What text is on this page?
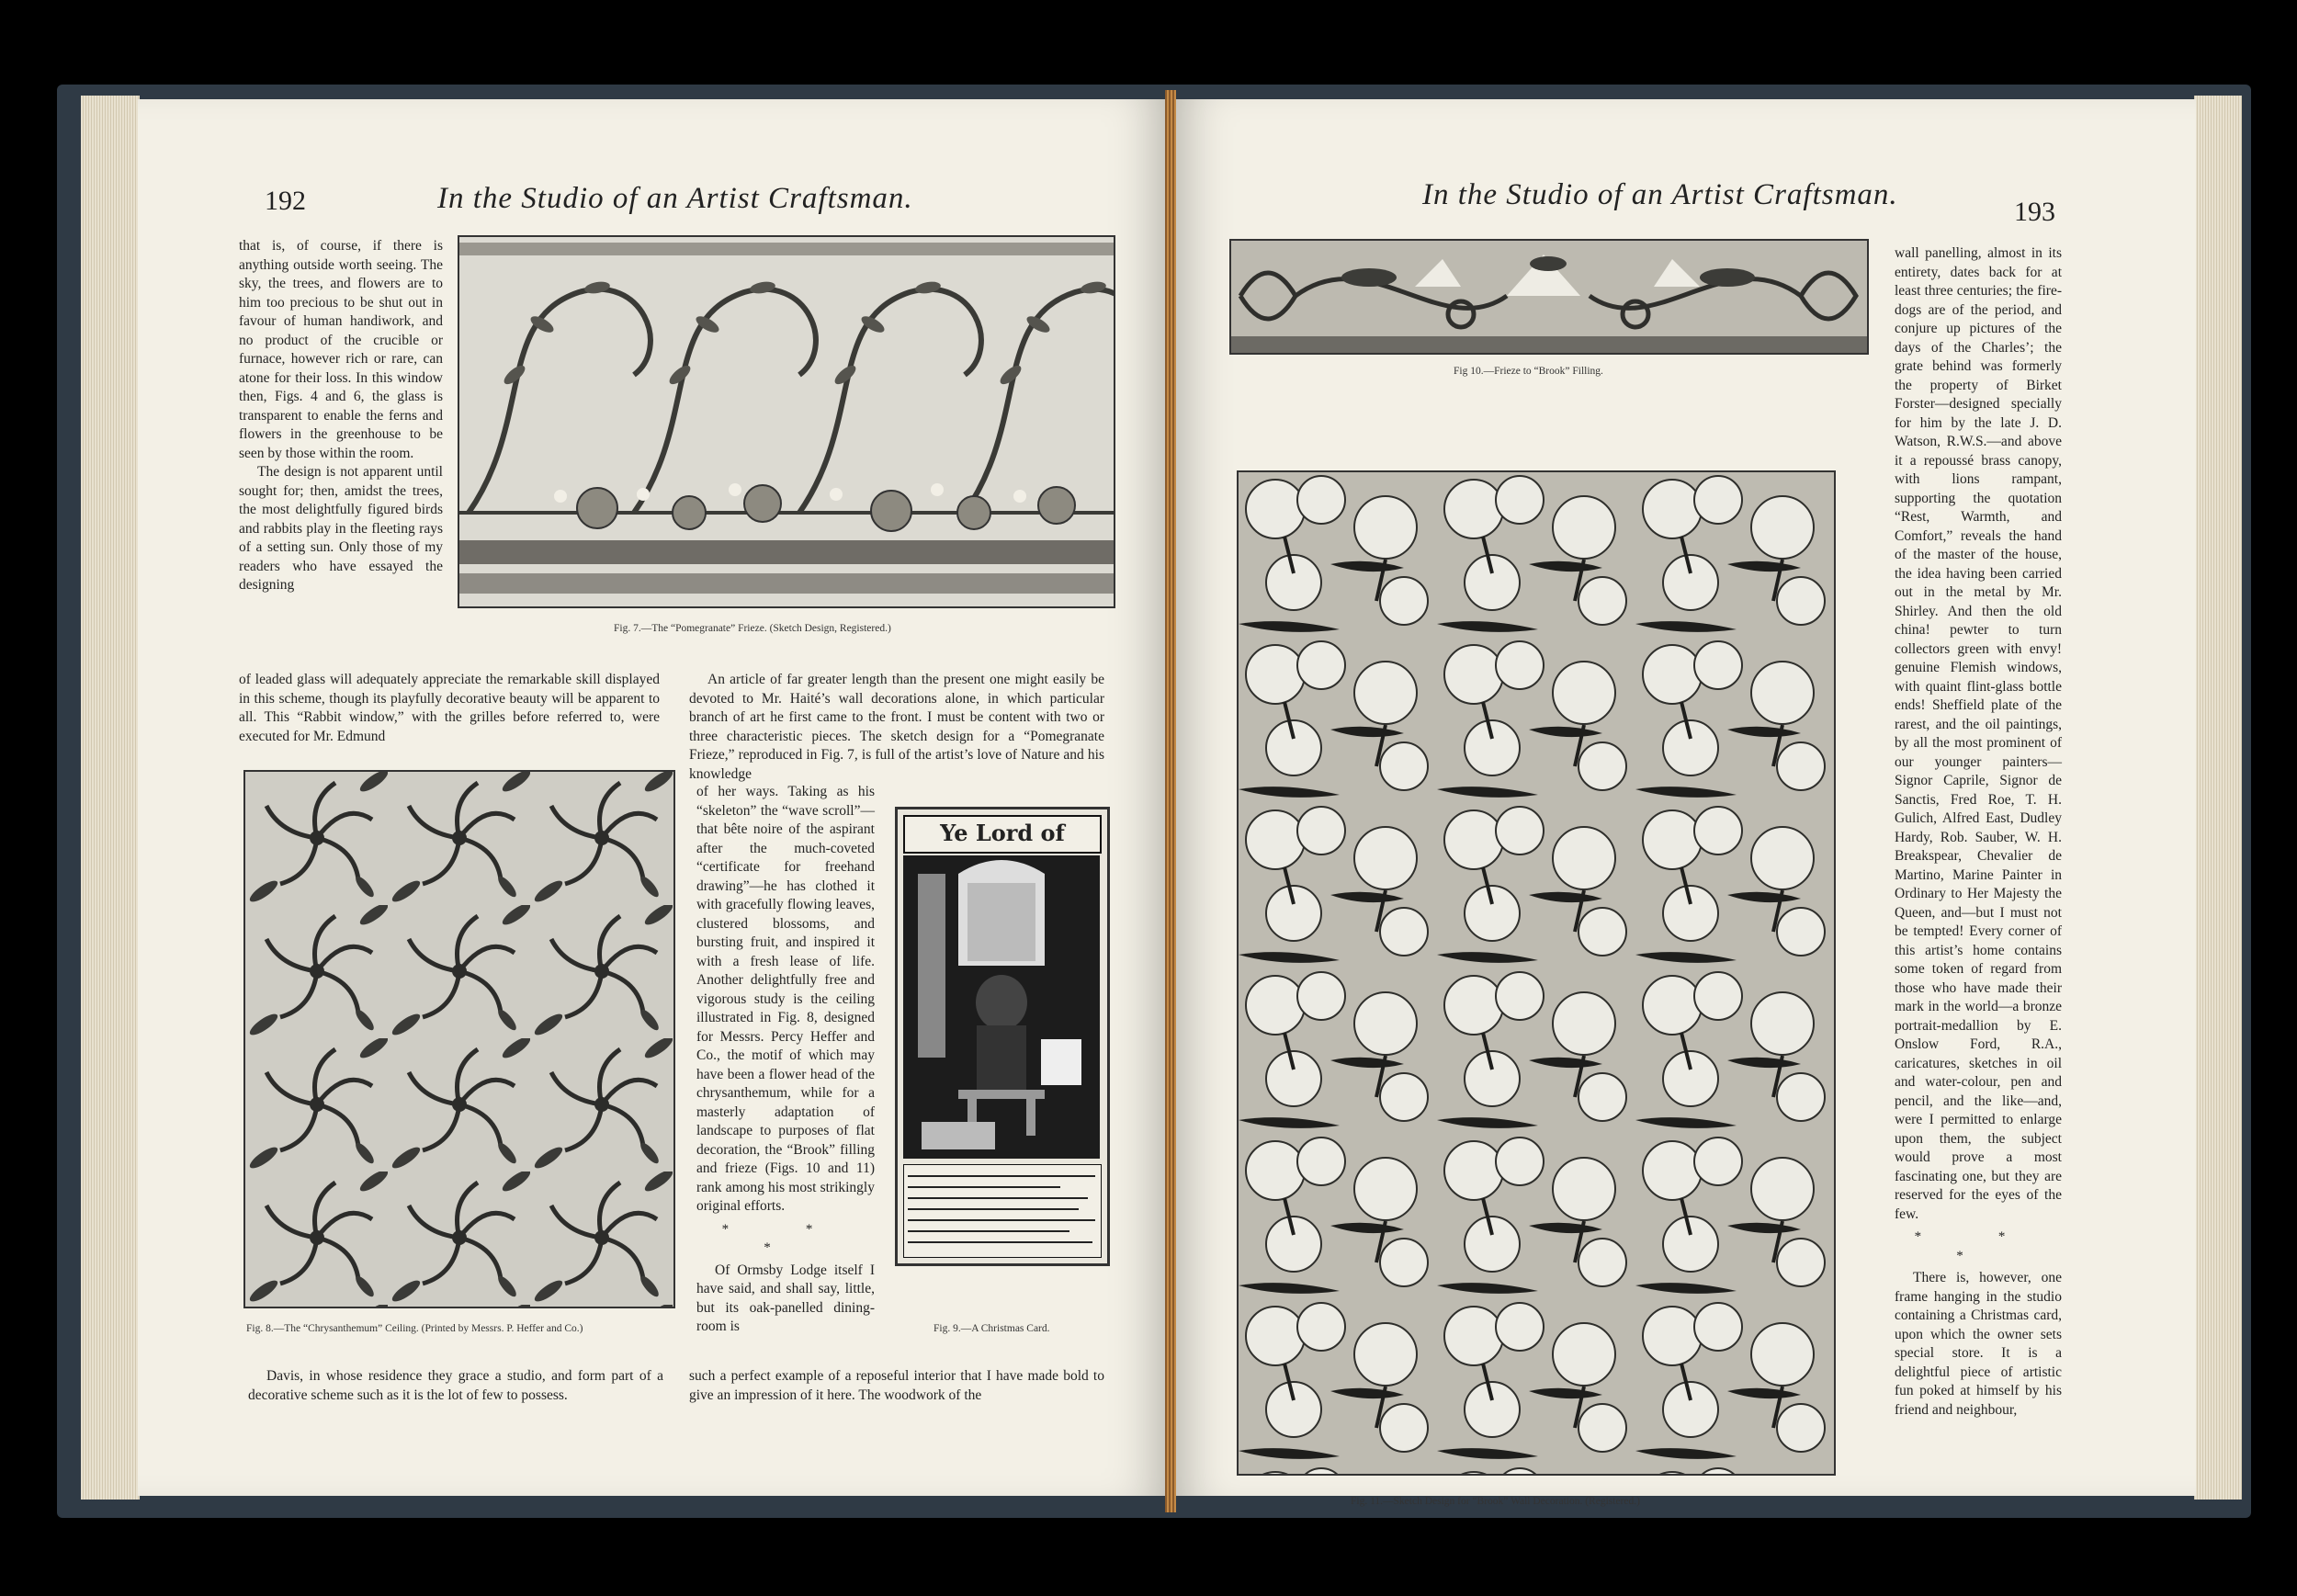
192	In the Studio of an Artist Craftsman.
Fig. 7.—The “Pomegranate” Frieze. (Sketch Design, Registered.)

that is, of course, if there is anything outside worth seeing. The sky, the trees, and flowers are to him too precious to be shut out in favour of human handiwork, and no product of the crucible or furnace, however rich or rare, can atone for their loss. In this window then, Figs. 4 and 6, the glass is transparent to enable the ferns and flowers in the greenhouse to be seen by those within the room.

The design is not apparent until sought for; then, amidst the trees, the most delightfully figured birds and rabbits play in the fleeting rays of a setting sun. Only those of my readers who have essayed the designing

of leaded glass will adequately appreciate the remarkable skill displayed in this scheme, though its playfully decorative beauty will be apparent to all. This “Rabbit window,” with the grilles before referred to, were executed for Mr. Edmund

An article of far greater length than the present one might easily be devoted to Mr. Haité’s wall decorations alone, in which particular branch of art he first came to the front. I must be content with two or three characteristic pieces. The sketch design for a “Pomegranate Frieze,” reproduced in Fig. 7, is full of the artist’s love of Nature and his knowledge

of her ways. Taking as his “skeleton” the “wave scroll”—that bête noire of the aspirant after the much-coveted “certificate for freehand drawing”—he has clothed it with gracefully flowing leaves, clustered blossoms, and bursting fruit, and inspired it with a fresh lease of life. Another delightfully free and vigorous study is the ceiling illustrated in Fig. 8, designed for Messrs. Percy Heffer and Co., the motif of which may have been a flower head of the chrysanthemum, while for a masterly adaptation of landscape to purposes of flat decoration, the “Brook” filling and frieze (Figs. 10 and 11) rank among his most strikingly original efforts.

* * *

Of Ormsby Lodge itself I have said, and shall say, little, but its oak-panelled dining-room is

such a perfect example of a reposeful interior that I have made bold to give an impression of it here. The woodwork of the

Fig. 8.—The “Chrysanthemum” Ceiling. (Printed by Messrs. P. Heffer and Co.)
Ye Lord of
Fig. 9.—A Christmas Card.

Davis, in whose residence they grace a studio, and form part of a decorative scheme such as it is the lot of few to possess.

In the Studio of an Artist Craftsman.
193
Fig 10.—Frieze to “Brook” Filling.
Fig. 11.—Sketch Design for “Brook” Wall Decoration. (Registered.)

wall panelling, almost in its entirety, dates back for at least three centuries; the fire-dogs are of the period, and conjure up pictures of the days of the Charles’; the grate behind was formerly the property of Birket Forster—designed specially for him by the late J. D. Watson, R.W.S.—and above it a repoussé brass canopy, with lions rampant, supporting the quotation “Rest, Warmth, and Comfort,” reveals the hand of the master of the house, the idea having been carried out in the metal by Mr. Shirley. And then the old china! pewter to turn collectors green with envy! genuine Flemish windows, with quaint flint-glass bottle ends! Sheffield plate of the rarest, and the oil paintings, by all the most prominent of our younger painters—Signor Caprile, Signor de Sanctis, Fred Roe, T. H. Gulich, Alfred East, Dudley Hardy, Rob. Sauber, W. H. Breakspear, Chevalier de Martino, Marine Painter in Ordinary to Her Majesty the Queen, and—but I must not be tempted! Every corner of this artist’s home contains some token of regard from those who have made their mark in the world—a bronze portrait-medallion by E. Onslow Ford, R.A., caricatures, sketches in oil and water-colour, pen and pencil, and the like—and, were I permitted to enlarge upon them, the subject would prove a most fascinating one, but they are reserved for the eyes of the few.

* * *

There is, however, one frame hanging in the studio containing a Christmas card, upon which the owner sets special store. It is a delightful piece of artistic fun poked at himself by his friend and neighbour,
